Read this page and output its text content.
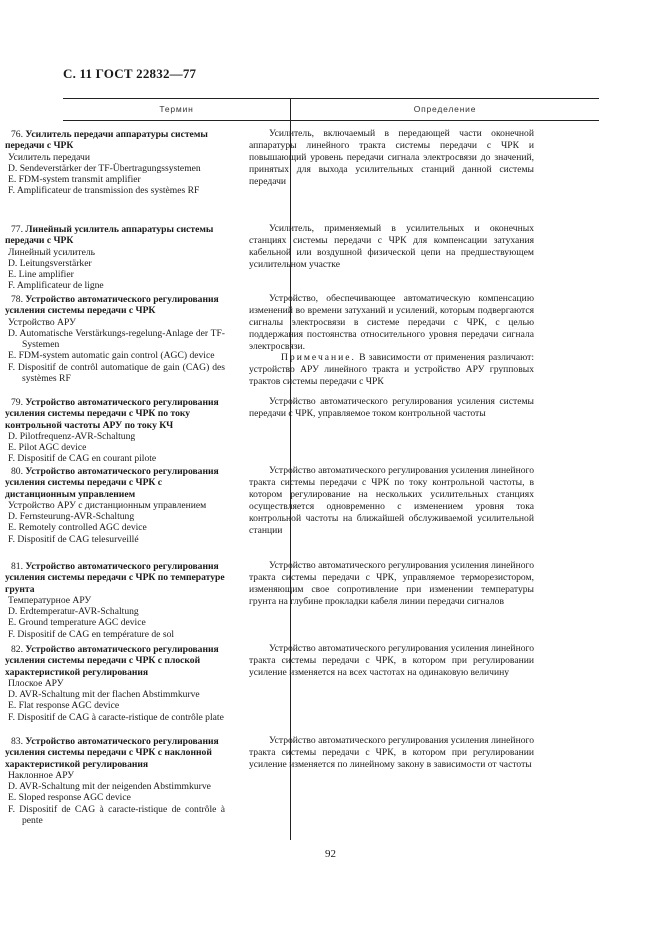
С. 11 ГОСТ 22832—77
Термин	Определение
76. Усилитель передачи аппаратуры системы передачи с ЧРК
Усилитель передачи
D. Sendeverstärker der TF-Übertragungssystemen
E. FDM-system transmit amplifier
F. Amplificateur de transmission des systèmes RF

Усилитель, включаемый в передающей части оконечной аппаратуры линейного тракта системы передачи с ЧРК и повышающий уровень передачи сигнала электросвязи до значений, принятых для выхода усилительных станций данной системы передачи

77. Линейный усилитель аппаратуры системы передачи с ЧРК
Линейный усилитель
D. Leitungsverstärker
E. Line amplifier
F. Amplificateur de ligne

Усилитель, применяемый в усилительных и оконечных станциях системы передачи с ЧРК для компенсации затухания кабельной или воздушной физической цепи на предшествующем усилительном участке

78. Устройство автоматического регулирования усиления системы передачи с ЧРК
Устройство АРУ
D. Automatische Verstärkungs-regelung-Anlage der TF-Systemen
E. FDM-system automatic gain control (AGC) device
F. Dispositif de contrôl automatique de gain (CAG) des systèmes RF

Устройство, обеспечивающее автоматическую компенсацию изменений во времени затуханий и усилений, которым подвергаются сигналы электросвязи в системе передачи с ЧРК, с целью поддержания постоянства относительного уровня передачи сигнала электросвязи.

Примечание. В зависимости от применения различают: устройство АРУ линейного тракта и устройство АРУ групповых трактов системы передачи с ЧРК

79. Устройство автоматического регулирования усиления системы передачи с ЧРК по току контрольной частоты АРУ по току КЧ
D. Pilotfrequenz-AVR-Schaltung
E. Pilot AGC device
F. Dispositif de CAG en courant pilote

Устройство автоматического регулирования усиления системы передачи с ЧРК, управляемое током контрольной частоты

80. Устройство автоматического регулирования усиления системы передачи с ЧРК с дистанционным управлением
Устройство АРУ с дистанционным управлением
D. Fernsteurung-AVR-Schaltung
E. Remotely controlled AGC device
F. Dispositif de CAG telesurveillé

Устройство автоматического регулирования усиления линейного тракта системы передачи с ЧРК по току контрольной частоты, в котором регулирование на нескольких усилительных станциях осуществляется одновременно с изменением уровня тока контрольной частоты на ближайшей обслуживаемой усилительной станции

81. Устройство автоматического регулирования усиления системы передачи с ЧРК по температуре грунта
Температурное АРУ
D. Erdtemperatur-AVR-Schaltung
E. Ground temperature AGC device
F. Dispositif de CAG en température de sol

Устройство автоматического регулирования усиления линейного тракта системы передачи с ЧРК, управляемое терморезистором, изменяющим свое сопротивление при изменении температуры грунта на глубине прокладки кабеля линии передачи сигналов

82. Устройство автоматического регулирования усиления системы передачи с ЧРК с плоской характеристикой регулирования
Плоское АРУ
D. AVR-Schaltung mit der flachen Abstimmkurve
E. Flat response AGC device
F. Dispositif de CAG à caracte-ristique de contrôle plate

Устройство автоматического регулирования усиления линейного тракта системы передачи с ЧРК, в котором при регулировании усиление изменяется на всех частотах на одинаковую величину

83. Устройство автоматического регулирования усиления системы передачи с ЧРК с наклонной характеристикой регулирования
Наклонное АРУ
D. AVR-Schaltung mit der neigenden Abstimmkurve
E. Sloped response AGC device
F. Dispositif de CAG à caracte-ristique de contrôle à pente

Устройство автоматического регулирования усиления линейного тракта системы передачи с ЧРК, в котором при регулировании усиление изменяется по линейному закону в зависимости от частоты

92
